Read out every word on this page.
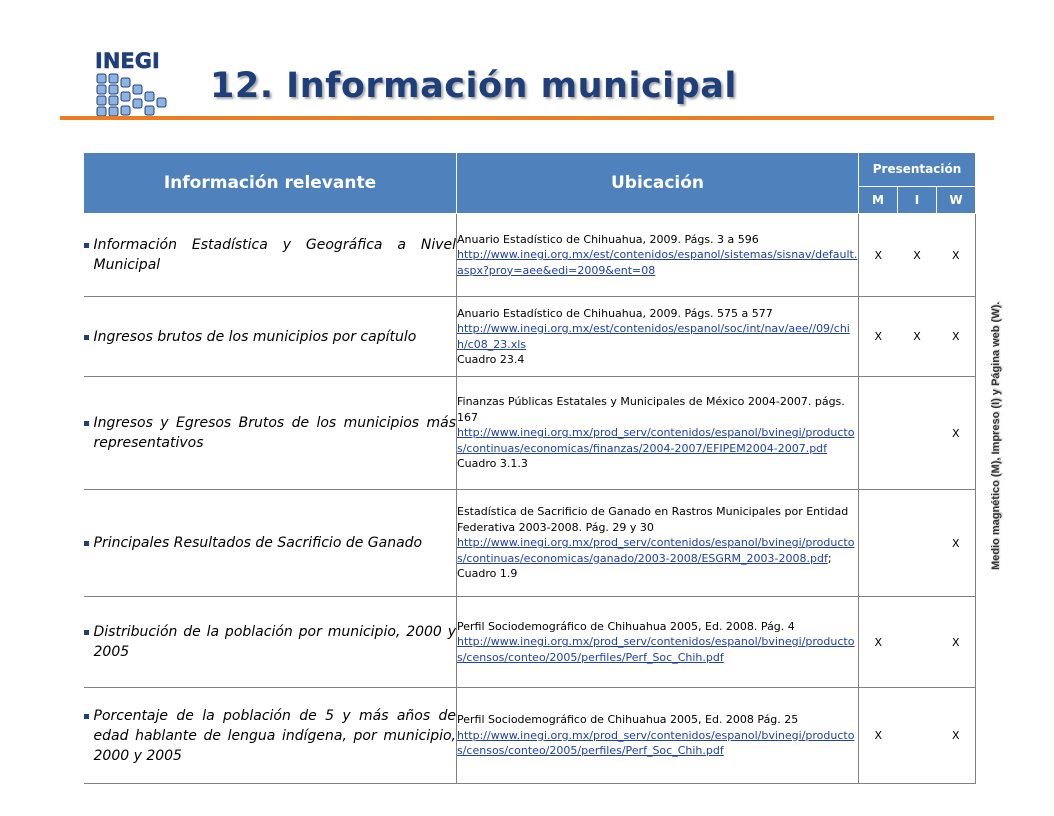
INEGI
12. Información municipal
Información relevante	Ubicación	Presentación		
		M	I	W

Información Estadística y Geográfica a Nivel Municipal	Anuario Estadístico de Chihuahua, 2009. Págs. 3 a 596
http://www.inegi.org.mx/est/contenidos/espanol/sistemas/sisnav/default.aspx?proy=aee&edi=2009&ent=08	X	X	X

Ingresos brutos de los municipios por capítulo	Anuario Estadístico de Chihuahua, 2009. Págs. 575 a 577
http://www.inegi.org.mx/est/contenidos/espanol/soc/int/nav/aee//09/chih/c08_23.xls
Cuadro 23.4	X	X	X

Ingresos y Egresos Brutos de los municipios más representativos	Finanzas Públicas Estatales y Municipales de México 2004-2007. págs. 167
http://www.inegi.org.mx/prod_serv/contenidos/espanol/bvinegi/productos/continuas/economicas/finanzas/2004-2007/EFIPEM2004-2007.pdf
Cuadro 3.1.3			X

Principales Resultados de Sacrificio de Ganado	Estadística de Sacrificio de Ganado en Rastros Municipales por Entidad Federativa 2003-2008. Pág. 29 y 30
http://www.inegi.org.mx/prod_serv/contenidos/espanol/bvinegi/productos/continuas/economicas/ganado/2003-2008/ESGRM_2003-2008.pdf; Cuadro 1.9			X

Distribución de la población por municipio, 2000 y 2005	Perfil Sociodemográfico de Chihuahua 2005, Ed. 2008. Pág. 4
http://www.inegi.org.mx/prod_serv/contenidos/espanol/bvinegi/productos/censos/conteo/2005/perfiles/Perf_Soc_Chih.pdf	X		X

Porcentaje de la población de 5 y más años de edad hablante de lengua indígena, por municipio, 2000 y 2005	Perfil Sociodemográfico de Chihuahua 2005, Ed. 2008 Pág. 25
http://www.inegi.org.mx/prod_serv/contenidos/espanol/bvinegi/productos/censos/conteo/2005/perfiles/Perf_Soc_Chih.pdf	X		X
Medio magnético (M), Impreso (I) y Página web (W).
